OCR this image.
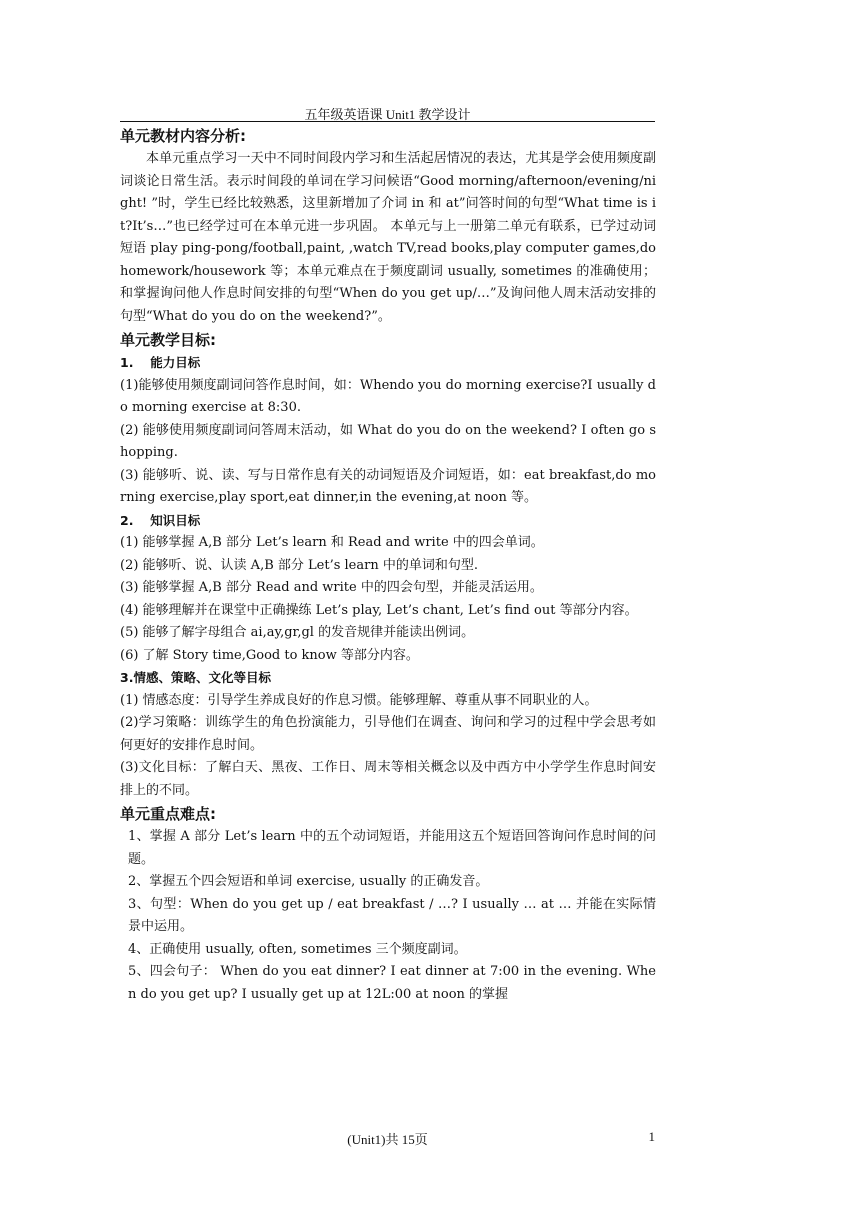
五年级英语课 Unit1 教学设计
单元教材内容分析:

本单元重点学习一天中不同时间段内学习和生活起居情况的表达，尤其是学会使用频度副词谈论日常生活。表示时间段的单词在学习问候语“Good morning/afternoon/evening/night! ”时，学生已经比较熟悉，这里新增加了介词 in 和 at”问答时间的句型“What time is it?It’s…”也已经学过可在本单元进一步巩固。 本单元与上一册第二单元有联系，已学过动词短语 play ping-pong/football,paint, ,watch TV,read books,play computer games,do homework/housework 等；本单元难点在于频度副词 usually, sometimes 的准确使用；和掌握询问他人作息时间安排的句型“When do you get up/…”及询问他人周末活动安排的句型“What do you do on the weekend?”。

单元教学目标:
1.　 能力目标

(1)能够使用频度副词问答作息时间，如：Whendo you do morning exercise?I usually do morning exercise at 8:30.

(2) 能够使用频度副词问答周末活动，如 What do you do on the weekend? I often go shopping.

(3) 能够听、说、读、写与日常作息有关的动词短语及介词短语，如：eat breakfast,do morning exercise,play sport,eat dinner,in the evening,at noon 等。

2.　 知识目标

(1) 能够掌握 A,B 部分 Let’s learn 和 Read and write 中的四会单词。

(2) 能够听、说、认读 A,B 部分 Let’s learn 中的单词和句型.

(3) 能够掌握 A,B 部分 Read and write 中的四会句型，并能灵活运用。

(4) 能够理解并在课堂中正确操练 Let’s play, Let’s chant, Let’s find out 等部分内容。

(5) 能够了解字母组合 ai,ay,gr,gl 的发音规律并能读出例词。

(6) 了解 Story time,Good to know 等部分内容。

3.情感、策略、文化等目标

(1) 情感态度：引导学生养成良好的作息习惯。能够理解、尊重从事不同职业的人。

(2)学习策略：训练学生的角色扮演能力，引导他们在调查、询问和学习的过程中学会思考如何更好的安排作息时间。

(3)文化目标：了解白天、黑夜、工作日、周末等相关概念以及中西方中小学学生作息时间安排上的不同。

单元重点难点:

1、掌握 A 部分 Let’s learn 中的五个动词短语，并能用这五个短语回答询问作息时间的问题。

2、掌握五个四会短语和单词 exercise, usually 的正确发音。

3、句型：When do you get up / eat breakfast / …? I usually … at … 并能在实际情景中运用。

4、正确使用 usually, often, sometimes 三个频度副词。

5、四会句子： When do you eat dinner? I eat dinner at 7:00 in the evening. When do you get up? I usually get up at 12L:00 at noon 的掌握

(Unit1)共 15页	1
